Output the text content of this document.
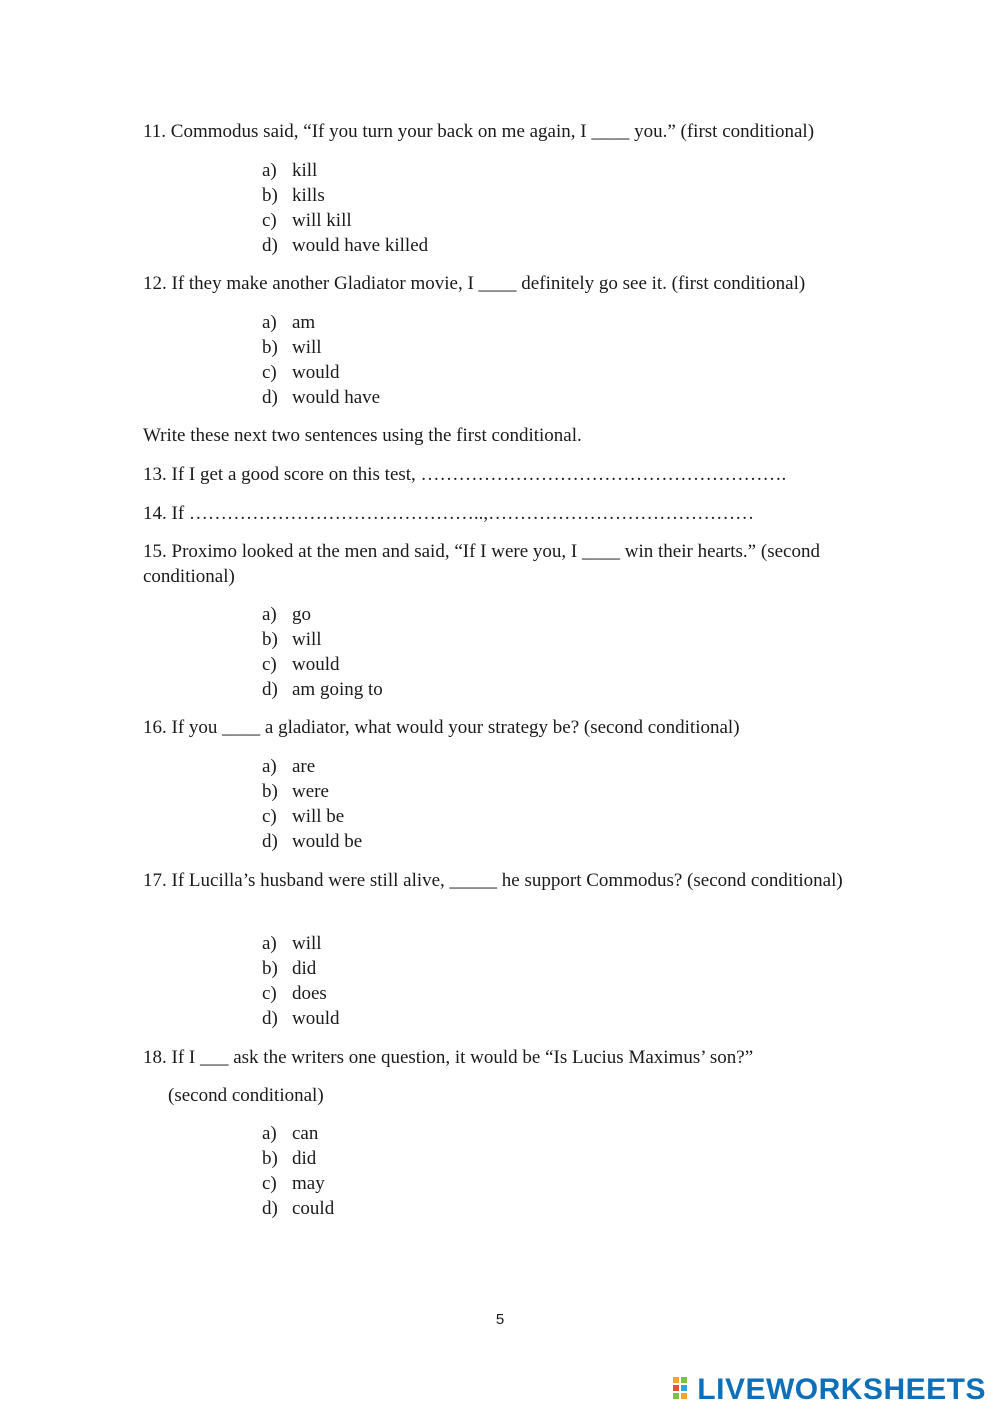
11. Commodus said, “If you turn your back on me again, I ____ you.” (first conditional)
a) kill
b) kills
c) will kill
d) would have killed
12. If they make another Gladiator movie, I ____ definitely go see it. (first conditional)
a) am
b) will
c) would
d) would have
Write these next two sentences using the first conditional.
13. If I get a good score on this test, ………………………………………………….
14. If ………………………………………..,……………………………………
15. Proximo looked at the men and said, “If I were you, I ____ win their hearts.” (second conditional)
a) go
b) will
c) would
d) am going to
16. If you ____ a gladiator, what would your strategy be? (second conditional)
a) are
b) were
c) will be
d) would be
17. If Lucilla’s husband were still alive, _____ he support Commodus? (second conditional)
a) will
b) did
c) does
d) would
18. If I ___ ask the writers one question, it would be “Is Lucius Maximus’ son?”
(second conditional)
a) can
b) did
c) may
d) could
5
LIVEWORKSHEETS
